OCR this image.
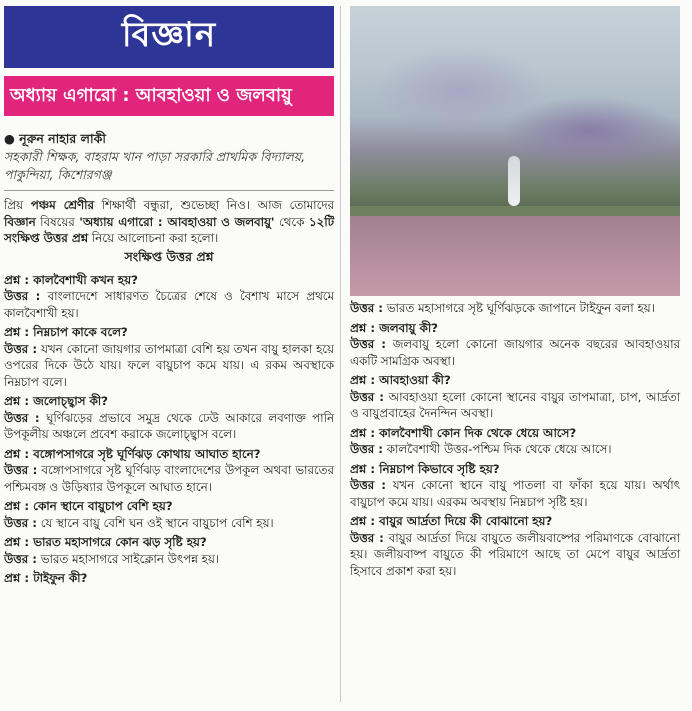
বিজ্ঞান
অধ্যায় এগারো : আবহাওয়া ও জলবায়ু
● নূরুন নাহার লাকী
সহকারী শিক্ষক, বাহরাম খান পাড়া সরকারি প্রাথমিক বিদ্যালয়, পাকুন্দিয়া, কিশোরগঞ্জ
প্রিয় পঞ্চম শ্রেণীর শিক্ষার্থী বন্ধুরা, শুভেচ্ছা নিও। আজ তোমাদের বিজ্ঞান বিষয়ের 'অধ্যায় এগারো : আবহাওয়া ও জলবায়ু' থেকে ১২টি সংক্ষিপ্ত উত্তর প্রশ্ন নিয়ে আলোচনা করা হলো।
সংক্ষিপ্ত উত্তর প্রশ্ন
প্রশ্ন : কালবৈশাখী কখন হয়?
উত্তর : বাংলাদেশে সাধারণত চৈত্রের শেষে ও বৈশাখ মাসে প্রথমে কালবৈশাখী হয়।
প্রশ্ন : নিম্নচাপ কাকে বলে?
উত্তর : যখন কোনো জায়গার তাপমাত্রা বেশি হয় তখন বায়ু হালকা হয়ে ওপরের দিকে উঠে যায়। ফলে বায়ুচাপ কমে যায়। এ রকম অবস্থাকে নিম্নচাপ বলে।
প্রশ্ন : জলোচ্ছ্বাস কী?
উত্তর : ঘূর্ণিঝড়ের প্রভাবে সমুদ্র থেকে ঢেউ আকারে লবণাক্ত পানি উপকূলীয় অঞ্চলে প্রবেশ করাকে জলোচ্ছ্বাস বলে।
প্রশ্ন : বঙ্গোপসাগরে সৃষ্ট ঘূর্ণিঝড় কোথায় আঘাত হানে?
উত্তর : বঙ্গোপসাগরে সৃষ্ট ঘূর্ণিঝড় বাংলাদেশের উপকূল অথবা ভারতের পশ্চিমবঙ্গ ও উড়িষ্যার উপকূলে আঘাত হানে।
প্রশ্ন : কোন স্থানে বায়ুচাপ বেশি হয়?
উত্তর : যে স্থানে বায়ু বেশি ঘন ওই স্থানে বায়ুচাপ বেশি হয়।
প্রশ্ন : ভারত মহাসাগরে কোন ঝড় সৃষ্টি হয়?
উত্তর : ভারত মহাসাগরে সাইক্লোন উৎপন্ন হয়।
প্রশ্ন : টাইফুন কী?
উত্তর : ভারত মহাসাগরে সৃষ্ট ঘূর্ণিঝড়কে জাপানে টাইফুন বলা হয়।
প্রশ্ন : জলবায়ু কী?
উত্তর : জলবায়ু হলো কোনো জায়গার অনেক বছরের আবহাওয়ার একটি সামগ্রিক অবস্থা।
প্রশ্ন : আবহাওয়া কী?
উত্তর : আবহাওয়া হলো কোনো স্থানের বায়ুর তাপমাত্রা, চাপ, আর্দ্রতা ও বায়ুপ্রবাহের দৈনন্দিন অবস্থা।
প্রশ্ন : কালবৈশাখী কোন দিক থেকে ধেয়ে আসে?
উত্তর : কালবৈশাখী উত্তর-পশ্চিম দিক থেকে ধেয়ে আসে।
প্রশ্ন : নিম্নচাপ কিভাবে সৃষ্টি হয়?
উত্তর : যখন কোনো স্থানে বায়ু পাতলা বা ফাঁকা হয়ে যায়। অর্থাৎ বায়ুচাপ কমে যায়। এরকম অবস্থায় নিম্নচাপ সৃষ্টি হয়।
প্রশ্ন : বায়ুর আর্দ্রতা দিয়ে কী বোঝানো হয়?
উত্তর : বায়ুর আর্দ্রতা দিয়ে বায়ুতে জলীয়বাষ্পের পরিমাণকে বোঝানো হয়। জলীয়বাষ্প বায়ুতে কী পরিমাণে আছে তা মেপে বায়ুর আর্দ্রতা হিসাবে প্রকাশ করা হয়।
